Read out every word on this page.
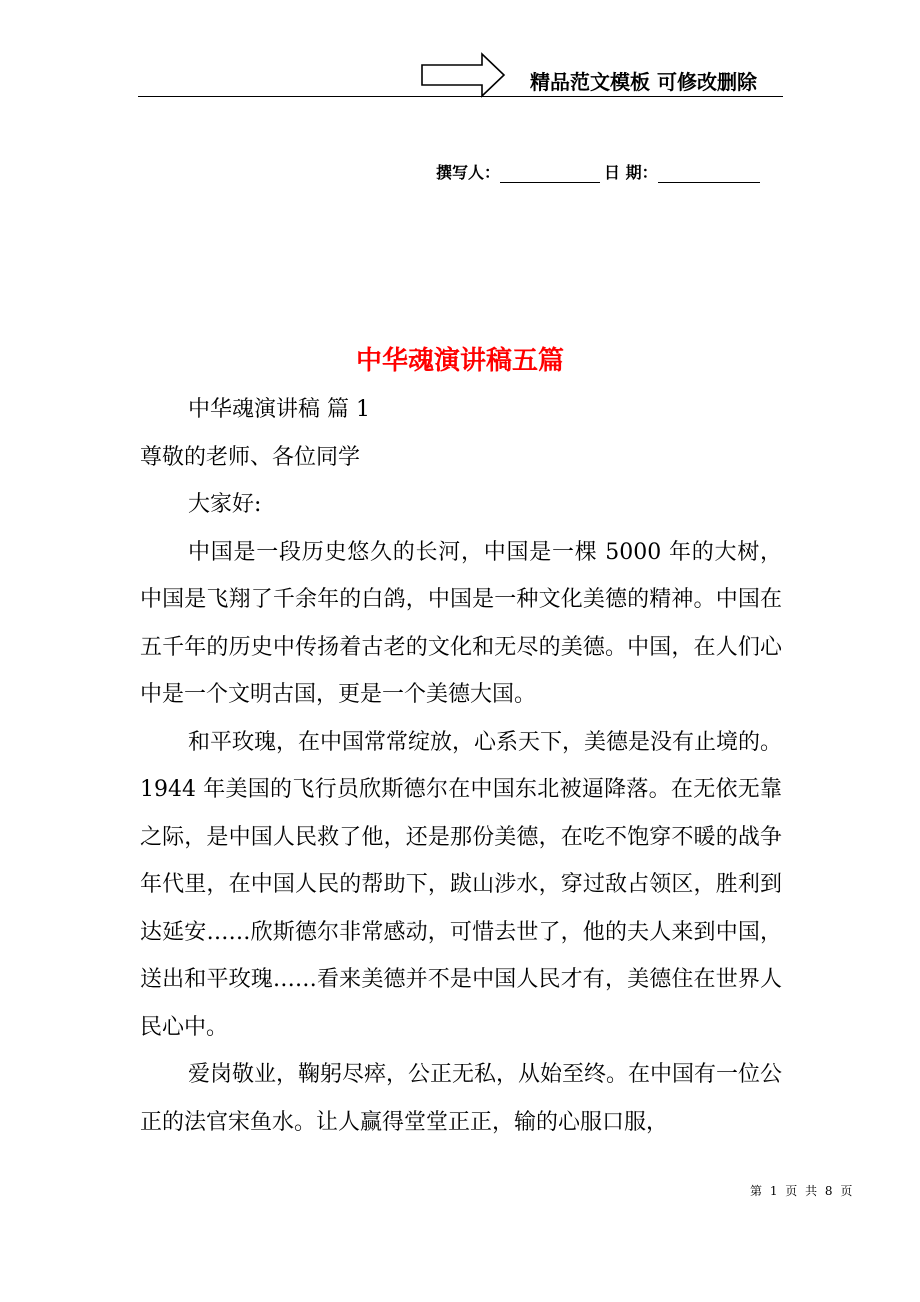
精品范文模板 可修改删除
撰写人：	日 期：
中华魂演讲稿五篇

中华魂演讲稿 篇 1

尊敬的老师、各位同学

大家好:

中国是一段历史悠久的长河，中国是一棵 5000 年的大树，中国是飞翔了千余年的白鸽，中国是一种文化美德的精神。中国在五千年的历史中传扬着古老的文化和无尽的美德。中国，在人们心中是一个文明古国，更是一个美德大国。

和平玫瑰，在中国常常绽放，心系天下，美德是没有止境的。1944 年美国的飞行员欣斯德尔在中国东北被逼降落。在无依无靠之际，是中国人民救了他，还是那份美德，在吃不饱穿不暖的战争年代里，在中国人民的帮助下，跋山涉水，穿过敌占领区，胜利到达延安……欣斯德尔非常感动，可惜去世了，他的夫人来到中国，送出和平玫瑰……看来美德并不是中国人民才有，美德住在世界人民心中。

爱岗敬业，鞠躬尽瘁，公正无私，从始至终。在中国有一位公正的法官宋鱼水。让人赢得堂堂正正，输的心服口服，

第 1 页 共 8 页
